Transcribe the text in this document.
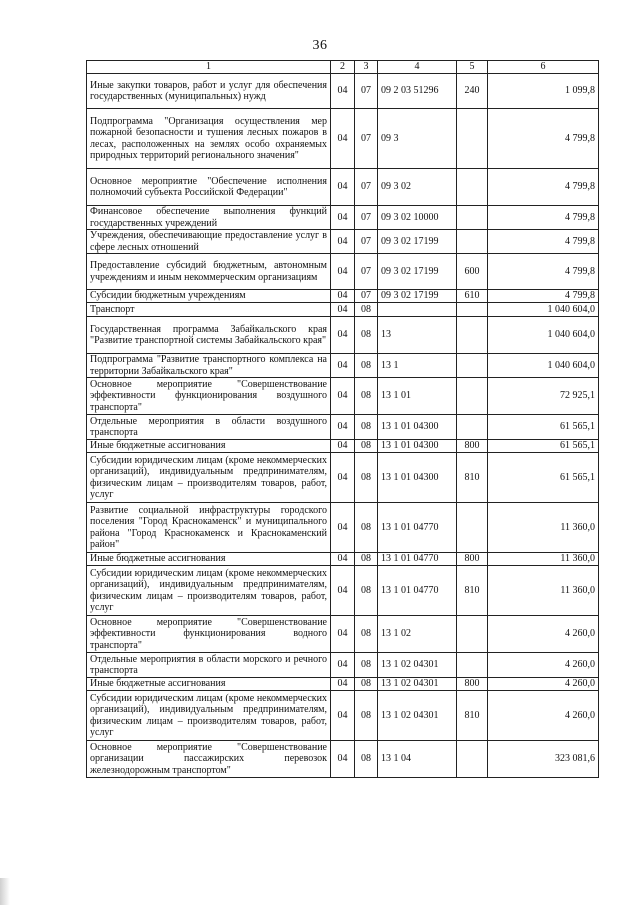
36
1	2	3	4	5	6
Иные закупки товаров, работ и услуг для обеспечения государственных (муниципальных) нужд	04	07	09 2 03 51296	240	1 099,8
Подпрограмма "Организация осуществления мер пожарной безопасности и тушения лесных пожаров в лесах, расположенных на землях особо охраняемых природных территорий регионального значения"	04	07	09 3		4 799,8
Основное мероприятие "Обеспечение исполнения полномочий субъекта Российской Федерации"	04	07	09 3 02		4 799,8
Финансовое обеспечение выполнения функций государственных учреждений	04	07	09 3 02 10000		4 799,8
Учреждения, обеспечивающие предоставление услуг в сфере лесных отношений	04	07	09 3 02 17199		4 799,8
Предоставление субсидий бюджетным, автономным учреждениям и иным некоммерческим организациям	04	07	09 3 02 17199	600	4 799,8
Субсидии бюджетным учреждениям	04	07	09 3 02 17199	610	4 799,8
Транспорт	04	08			1 040 604,0
Государственная программа Забайкальского края "Развитие транспортной системы Забайкальского края"	04	08	13		1 040 604,0
Подпрограмма "Развитие транспортного комплекса на территории Забайкальского края"	04	08	13 1		1 040 604,0
Основное мероприятие "Совершенствование эффективности функционирования воздушного транспорта"	04	08	13 1 01		72 925,1
Отдельные мероприятия в области воздушного транспорта	04	08	13 1 01 04300		61 565,1
Иные бюджетные ассигнования	04	08	13 1 01 04300	800	61 565,1
Субсидии юридическим лицам (кроме некоммерческих организаций), индивидуальным предпринимателям, физическим лицам – производителям товаров, работ, услуг	04	08	13 1 01 04300	810	61 565,1
Развитие социальной инфраструктуры городского поселения "Город Краснокаменск" и муниципального района "Город Краснокаменск и Краснокаменский район"	04	08	13 1 01 04770		11 360,0
Иные бюджетные ассигнования	04	08	13 1 01 04770	800	11 360,0
Субсидии юридическим лицам (кроме некоммерческих организаций), индивидуальным предпринимателям, физическим лицам – производителям товаров, работ, услуг	04	08	13 1 01 04770	810	11 360,0
Основное мероприятие "Совершенствование эффективности функционирования водного транспорта"	04	08	13 1 02		4 260,0
Отдельные мероприятия в области морского и речного транспорта	04	08	13 1 02 04301		4 260,0
Иные бюджетные ассигнования	04	08	13 1 02 04301	800	4 260,0
Субсидии юридическим лицам (кроме некоммерческих организаций), индивидуальным предпринимателям, физическим лицам – производителям товаров, работ, услуг	04	08	13 1 02 04301	810	4 260,0
Основное мероприятие "Совершенствование организации пассажирских перевозок железнодорожным транспортом"	04	08	13 1 04		323 081,6
